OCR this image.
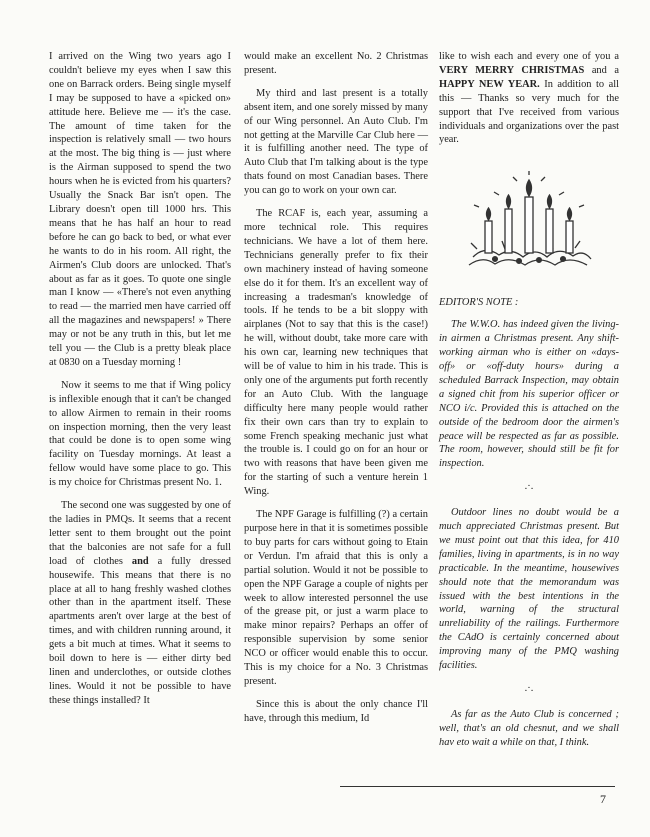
I arrived on the Wing two years ago I couldn't believe my eyes when I saw this one on Barrack orders. Being single myself I may be supposed to have a «picked on» attitude here. Believe me — it's the case. The amount of time taken for the inspection is relatively small — two hours at the most. The big thing is — just where is the Airman supposed to spend the two hours when he is evicted from his quarters? Usually the Snack Bar isn't open. The Library doesn't open till 1000 hrs. This means that he has half an hour to read before he can go back to bed, or what ever he wants to do in his room. All right, the Airmen's Club doors are unlocked. That's about as far as it goes. To quote one single man I know — «There's not even anything to read — the married men have carried off all the magazines and newspapers! » There may or not be any truth in this, but let me tell you — the Club is a pretty bleak place at 0830 on a Tuesday morning !

Now it seems to me that if Wing policy is inflexible enough that it can't be changed to allow Airmen to remain in their rooms on inspection morning, then the very least that could be done is to open some wing facility on Tuesday mornings. At least a fellow would have some place to go. This is my choice for Christmas present No. 1.

The second one was suggested by one of the ladies in PMQs. It seems that a recent letter sent to them brought out the point that the balconies are not safe for a full load of clothes and a fully dressed housewife. This means that there is no place at all to hang freshly washed clothes other than in the apartment itself. These apartments aren't over large at the best of times, and with children running around, it gets a bit much at times. What it seems to boil down to here is — either dirty bed linen and underclothes, or outside clothes lines. Would it not be possible to have these things installed? It

would make an excellent No. 2 Christmas present.

My third and last present is a totally absent item, and one sorely missed by many of our Wing personnel. An Auto Club. I'm not getting at the Marville Car Club here — it is fulfilling another need. The type of Auto Club that I'm talking about is the type thats found on most Canadian bases. There you can go to work on your own car.

The RCAF is, each year, assuming a more technical role. This requires technicians. We have a lot of them here. Technicians generally prefer to fix their own machinery instead of having someone else do it for them. It's an excellent way of increasing a tradesman's knowledge of tools. If he tends to be a bit sloppy with airplanes (Not to say that this is the case!) he will, without doubt, take more care with his own car, learning new techniques that will be of value to him in his trade. This is only one of the arguments put forth recently for an Auto Club. With the language difficulty here many people would rather fix their own cars than try to explain to some French speaking mechanic just what the trouble is. I could go on for an hour or two with reasons that have been given me for the starting of such a venture herein 1 Wing.

The NPF Garage is fulfilling (?) a certain purpose here in that it is sometimes possible to buy parts for cars without going to Etain or Verdun. I'm afraid that this is only a partial solution. Would it not be possible to open the NPF Garage a couple of nights per week to allow interested personnel the use of the grease pit, or just a warm place to make minor repairs? Perhaps an offer of responsible supervision by some senior NCO or officer would enable this to occur. This is my choice for a No. 3 Christmas present.

Since this is about the only chance I'll have, through this medium, Id

like to wish each and every one of you a VERY MERRY CHRISTMAS and a HAPPY NEW YEAR. In addition to all this — Thanks so very much for the support that I've received from various individuals and organizations over the past year.

EDITOR'S NOTE :

The W.W.O. has indeed given the living-in airmen a Christmas present. Any shift-working airman who is either on «days-off» or «off-duty hours» during a scheduled Barrack Inspection, may obtain a signed chit from his superior officer or NCO i/c. Provided this is attached on the outside of the bedroom door the airmen's peace will be respected as far as possible. The room, however, should still be fit for inspection.

.·.

Outdoor lines no doubt would be a much appreciated Christmas present. But we must point out that this idea, for 410 families, living in apartments, is in no way practicable. In the meantime, housewives should note that the memorandum was issued with the best intentions in the world, warning of the structural unreliability of the railings. Furthermore the CAdO is certainly concerned about improving many of the PMQ washing facilities.

.·.

As far as the Auto Club is concerned ; well, that's an old chesnut, and we shall hav eto wait a while on that, I think.

7
